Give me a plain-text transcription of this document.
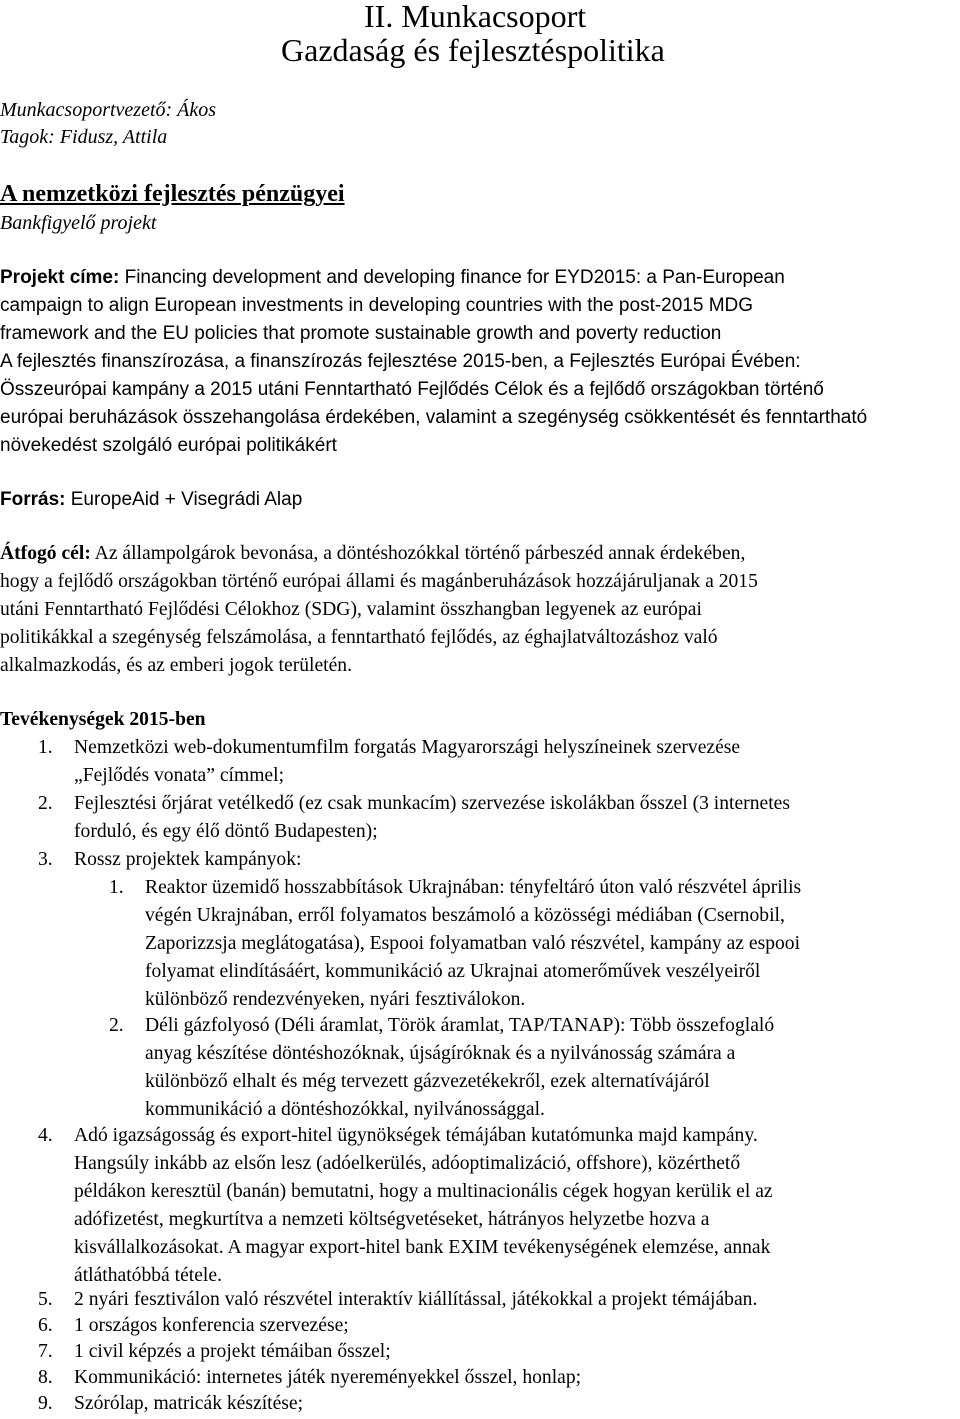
II. Munkacsoport
Gazdaság és fejlesztéspolitika
Munkacsoportvezető: Ákos
Tagok: Fidusz, Attila
A nemzetközi fejlesztés pénzügyei
Bankfigyelő projekt
Projekt címe: Financing development and developing finance for EYD2015: a Pan-European
campaign to align European investments in developing countries with the post-2015 MDG
framework and the EU policies that promote sustainable growth and poverty reduction
A fejlesztés finanszírozása, a finanszírozás fejlesztése 2015-ben, a Fejlesztés Európai Évében:
Összeurópai kampány a 2015 utáni Fenntartható Fejlődés Célok és a fejlődő országokban történő
európai beruházások összehangolása érdekében, valamint a szegénység csökkentését és fenntartható
növekedést szolgáló európai politikákért
Forrás: EuropeAid + Visegrádi Alap
Átfogó cél: Az állampolgárok bevonása, a döntéshozókkal történő párbeszéd annak érdekében,
hogy a fejlődő országokban történő európai állami és magánberuházások hozzájáruljanak a 2015
utáni Fenntartható Fejlődési Célokhoz (SDG), valamint összhangban legyenek az európai
politikákkal a szegénység felszámolása, a fenntartható fejlődés, az éghajlatváltozáshoz való
alkalmazkodás, és az emberi jogok területén.
Tevékenységek 2015-ben
1. Nemzetközi web-dokumentumfilm forgatás Magyarországi helyszíneinek szervezése
„Fejlődés vonata” címmel;
2. Fejlesztési őrjárat vetélkedő (ez csak munkacím) szervezése iskolákban ősszel (3 internetes
forduló, és egy élő döntő Budapesten);
3. Rossz projektek kampányok:
1. Reaktor üzemidő hosszabbítások Ukrajnában: tényfeltáró úton való részvétel április
végén Ukrajnában, erről folyamatos beszámoló a közösségi médiában (Csernobil,
Zaporizzsja meglátogatása), Espooi folyamatban való részvétel, kampány az espooi
folyamat elindításáért, kommunikáció az Ukrajnai atomerőművek veszélyeiről
különböző rendezvényeken, nyári fesztiválokon.
2. Déli gázfolyosó (Déli áramlat, Török áramlat, TAP/TANAP): Több összefoglaló
anyag készítése döntéshozóknak, újságíróknak és a nyilvánosság számára a
különböző elhalt és még tervezett gázvezetékekről, ezek alternatívájáról
kommunikáció a döntéshozókkal, nyilvánossággal.
4. Adó igazságosság és export-hitel ügynökségek témájában kutatómunka majd kampány.
Hangsúly inkább az elsőn lesz (adóelkerülés, adóoptimalizáció, offshore), közérthető
példákon keresztül (banán) bemutatni, hogy a multinacionális cégek hogyan kerülik el az
adófizetést, megkurtítva a nemzeti költségvetéseket, hátrányos helyzetbe hozva a
kisvállalkozásokat. A magyar export-hitel bank EXIM tevékenységének elemzése, annak
átláthatóbbá tétele.
5. 2 nyári fesztiválon való részvétel interaktív kiállítással, játékokkal a projekt témájában.
6. 1 országos konferencia szervezése;
7. 1 civil képzés a projekt témáiban ősszel;
8. Kommunikáció: internetes játék nyereményekkel ősszel, honlap;
9. Szórólap, matricák készítése;
